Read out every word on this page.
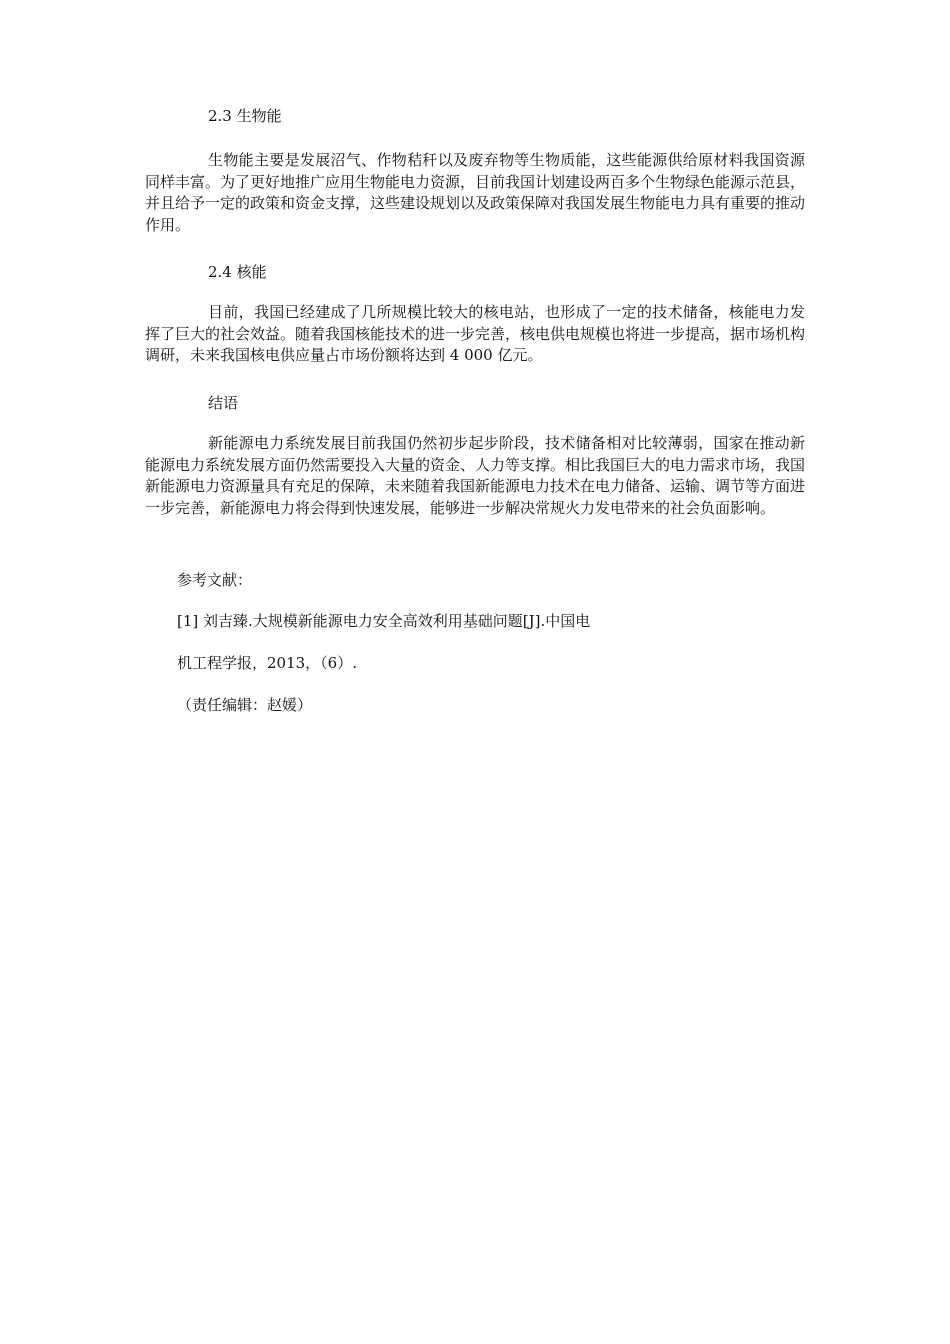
2.3 生物能

生物能主要是发展沼气、作物秸秆以及废弃物等生物质能，这些能源供给原材料我国资源同样丰富。为了更好地推广应用生物能电力资源，目前我国计划建设两百多个生物绿色能源示范县，并且给予一定的政策和资金支撑，这些建设规划以及政策保障对我国发展生物能电力具有重要的推动作用。

2.4 核能

目前，我国已经建成了几所规模比较大的核电站，也形成了一定的技术储备，核能电力发挥了巨大的社会效益。随着我国核能技术的进一步完善，核电供电规模也将进一步提高，据市场机构调研，未来我国核电供应量占市场份额将达到 4 000 亿元。

结语

新能源电力系统发展目前我国仍然初步起步阶段，技术储备相对比较薄弱，国家在推动新能源电力系统发展方面仍然需要投入大量的资金、人力等支撑。相比我国巨大的电力需求市场，我国新能源电力资源量具有充足的保障，未来随着我国新能源电力技术在电力储备、运输、调节等方面进一步完善，新能源电力将会得到快速发展，能够进一步解决常规火力发电带来的社会负面影响。

参考文献：

[1] 刘吉臻.大规模新能源电力安全高效利用基础问题[J].中国电

机工程学报，2013，（6）.

（责任编辑：赵媛）
